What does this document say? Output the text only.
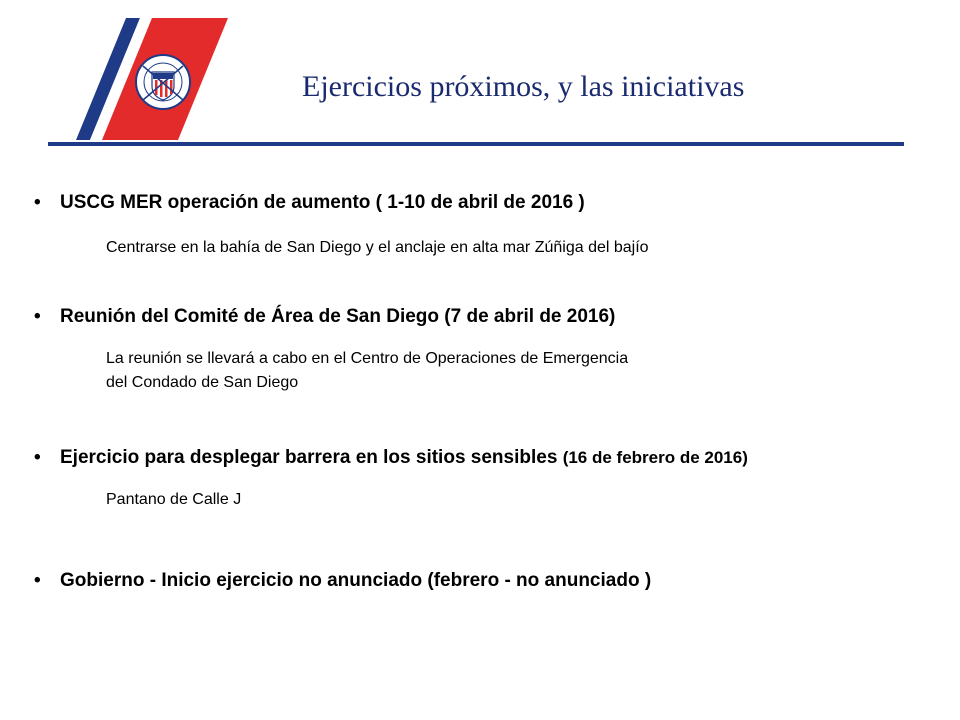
Ejercicios próximos, y las iniciativas
• USCG MER operación de aumento ( 1-10 de abril de 2016 )
Centrarse en la bahía de San Diego y el anclaje en alta mar Zúñiga del bajío
• Reunión del Comité de Área de San Diego (7 de abril de 2016)
La reunión se llevará a cabo en el Centro de Operaciones de Emergencia
del Condado de San Diego
• Ejercicio para desplegar barrera en los sitios sensibles (16 de febrero de 2016)
Pantano de Calle J
• Gobierno - Inicio ejercicio no anunciado (febrero - no anunciado )
